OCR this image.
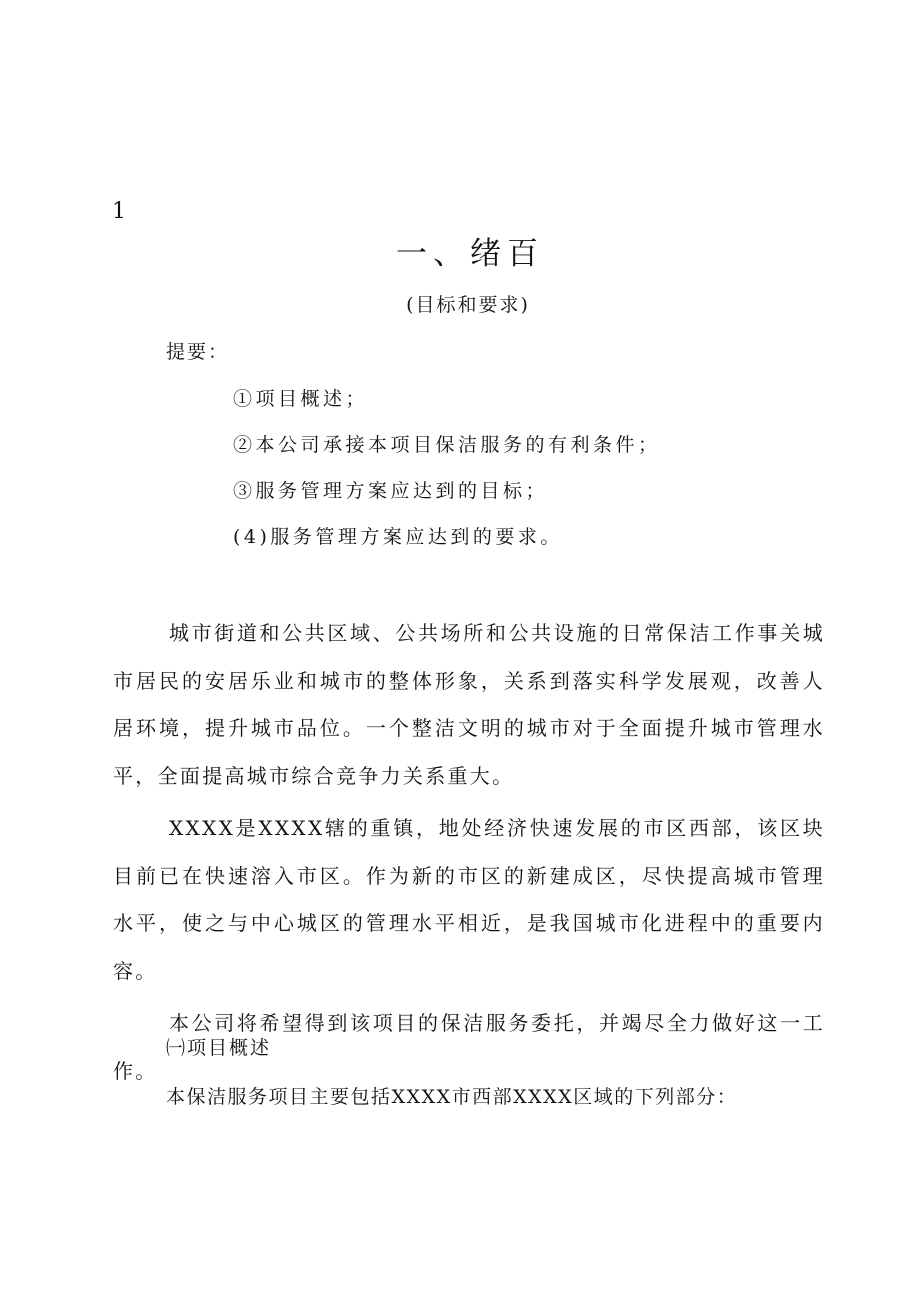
1
一、绪百
(目标和要求)
提要：
①项目概述；
②本公司承接本项目保洁服务的有利条件；
③服务管理方案应达到的目标；
(4)服务管理方案应达到的要求。

城市街道和公共区域、公共场所和公共设施的日常保洁工作事关城市居民的安居乐业和城市的整体形象，关系到落实科学发展观，改善人居环境，提升城市品位。一个整洁文明的城市对于全面提升城市管理水平，全面提高城市综合竞争力关系重大。

XXXX是XXXX辖的重镇，地处经济快速发展的市区西部，该区块目前已在快速溶入市区。作为新的市区的新建成区，尽快提高城市管理水平，使之与中心城区的管理水平相近，是我国城市化进程中的重要内容。

本公司将希望得到该项目的保洁服务委托，并竭尽全力做好这一工作。

㈠项目概述
本保洁服务项目主要包括XXXX市西部XXXX区域的下列部分：
